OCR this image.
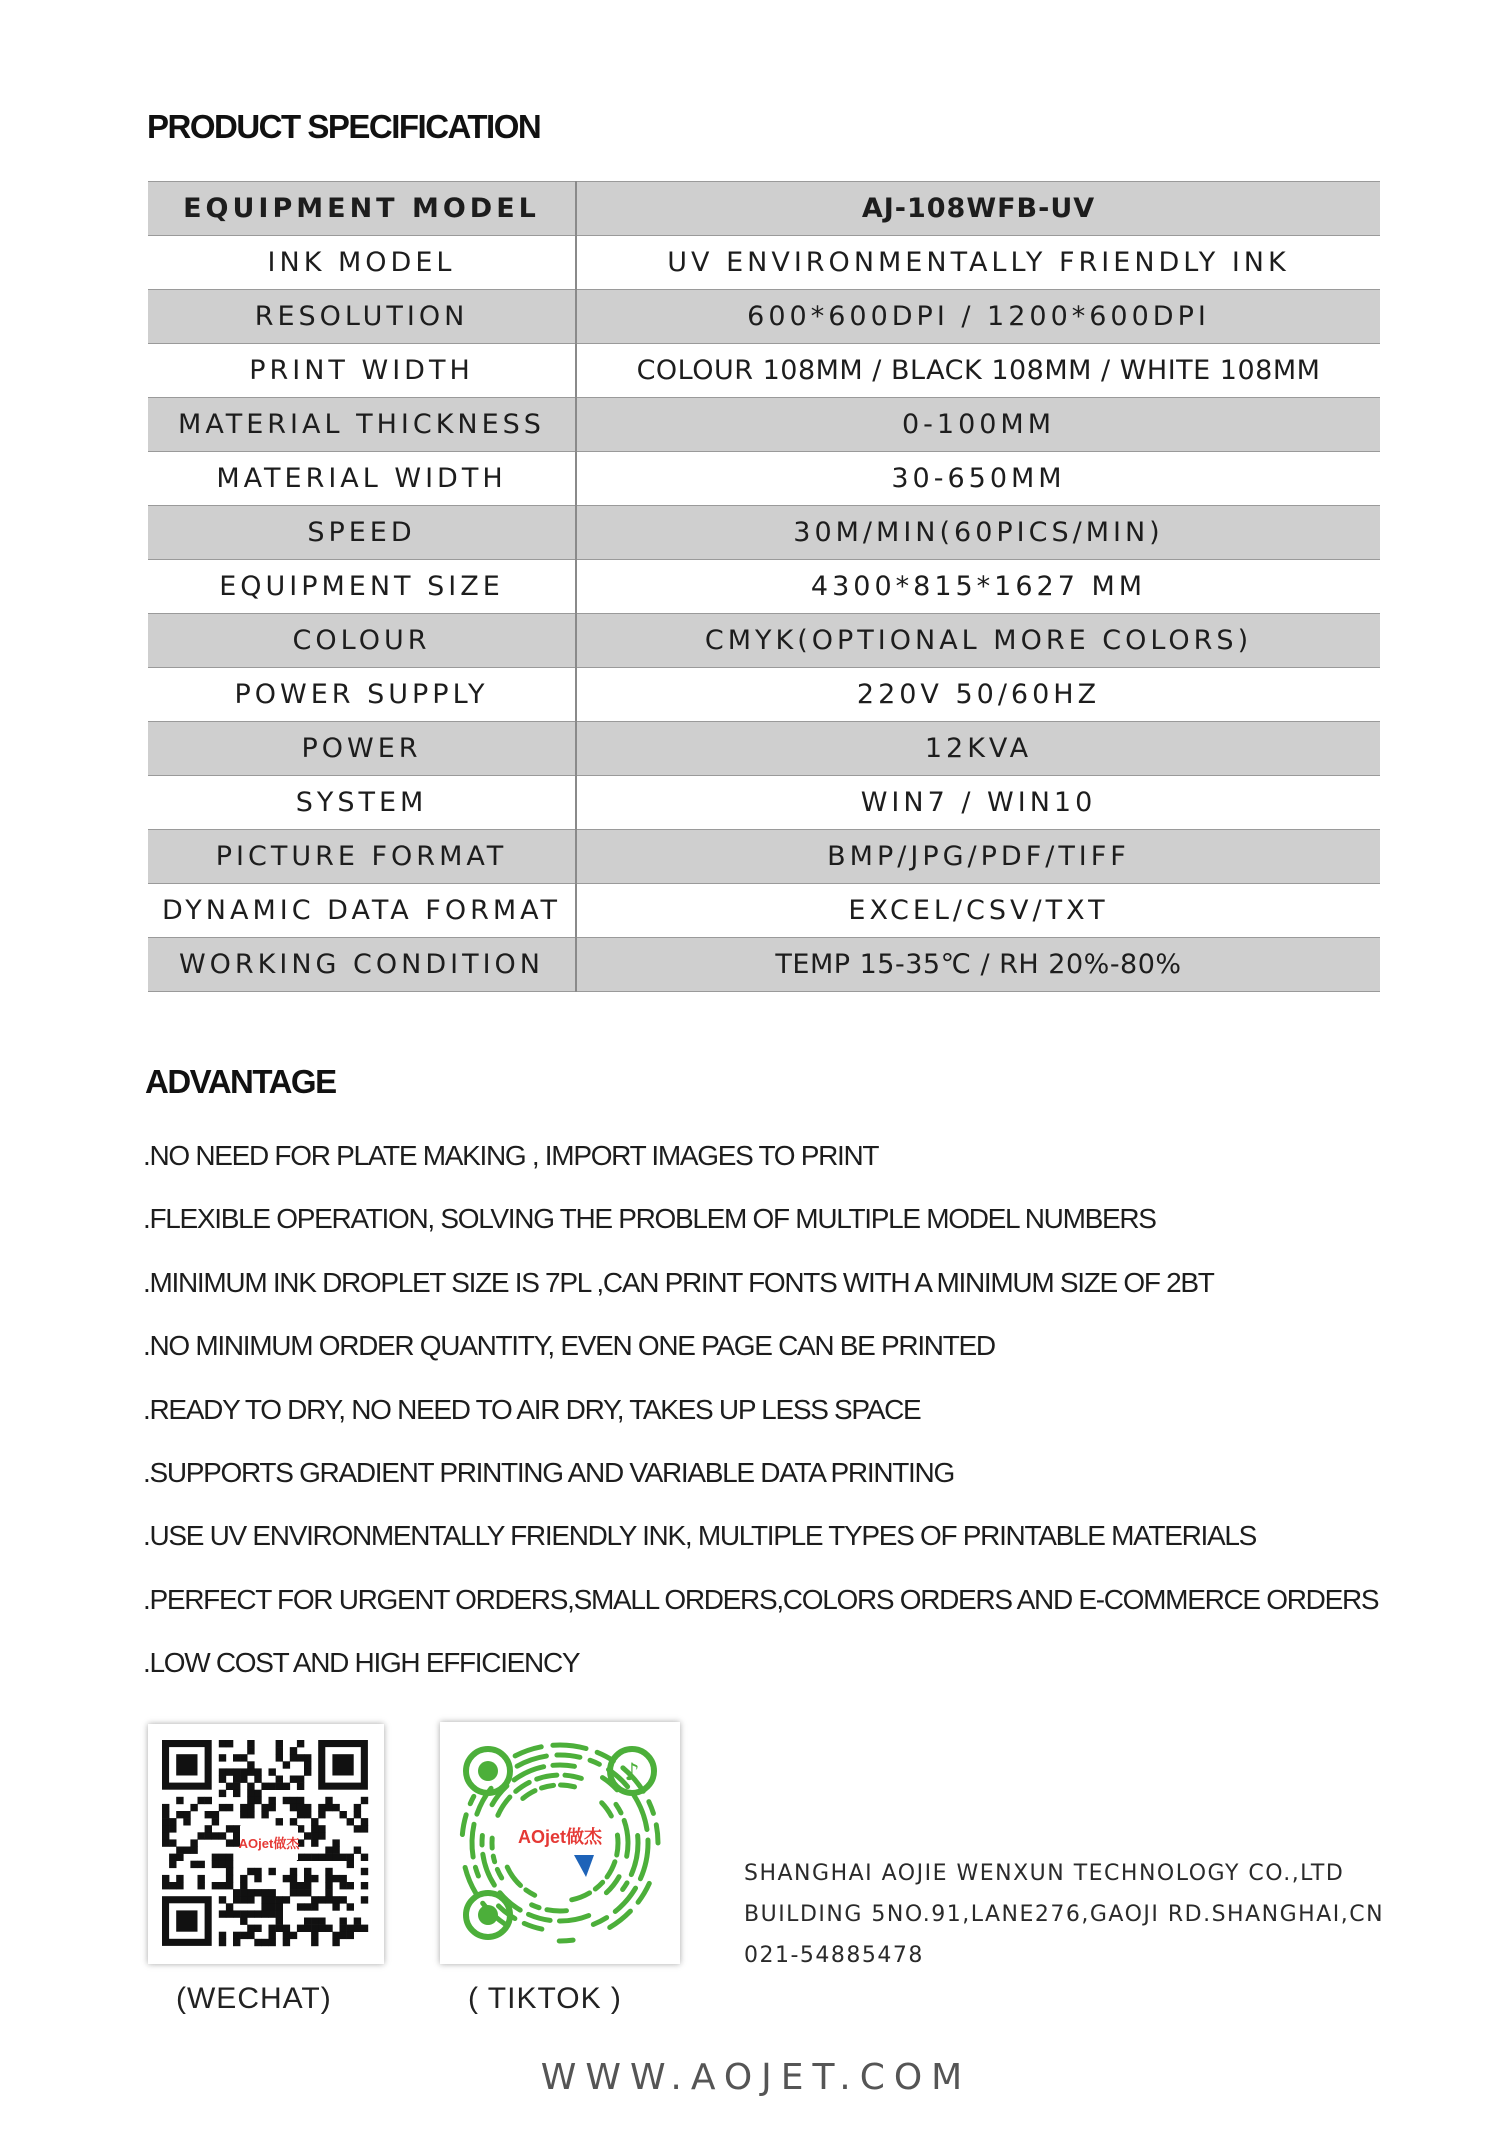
PRODUCT SPECIFICATION
EQUIPMENT MODEL	AJ-108WFB-UV
INK MODEL	UV ENVIRONMENTALLY FRIENDLY INK
RESOLUTION	600*600DPI / 1200*600DPI
PRINT WIDTH	COLOUR 108MM / BLACK 108MM / WHITE 108MM
MATERIAL THICKNESS	0-100MM
MATERIAL WIDTH	30-650MM
SPEED	30M/MIN(60PICS/MIN)
EQUIPMENT SIZE	4300*815*1627 MM
COLOUR	CMYK(OPTIONAL MORE COLORS)
POWER SUPPLY	220V 50/60HZ
POWER	12KVA
SYSTEM	WIN7 / WIN10
PICTURE FORMAT	BMP/JPG/PDF/TIFF
DYNAMIC DATA FORMAT	EXCEL/CSV/TXT
WORKING CONDITION	TEMP 15-35℃ / RH 20%-80%
ADVANTAGE
.NO NEED FOR PLATE MAKING , IMPORT IMAGES TO PRINT
.FLEXIBLE OPERATION, SOLVING THE PROBLEM OF MULTIPLE MODEL NUMBERS
.MINIMUM INK DROPLET SIZE IS 7PL ,CAN PRINT FONTS WITH A MINIMUM SIZE OF 2BT
.NO MINIMUM ORDER QUANTITY, EVEN ONE PAGE CAN BE PRINTED
.READY TO DRY, NO NEED TO AIR DRY, TAKES UP LESS SPACE
.SUPPORTS GRADIENT PRINTING AND VARIABLE DATA PRINTING
.USE UV ENVIRONMENTALLY FRIENDLY INK, MULTIPLE TYPES OF PRINTABLE MATERIALS
.PERFECT FOR URGENT ORDERS,SMALL ORDERS,COLORS ORDERS AND E-COMMERCE ORDERS
.LOW COST AND HIGH EFFICIENCY
AOjet做杰
(WECHAT)
♪
AOjet做杰
( TIKTOK )
SHANGHAI AOJIE WENXUN TECHNOLOGY CO.,LTD
BUILDING 5NO.91,LANE276,GAOJI RD.SHANGHAI,CN
021-54885478
WWW.AOJET.COM
